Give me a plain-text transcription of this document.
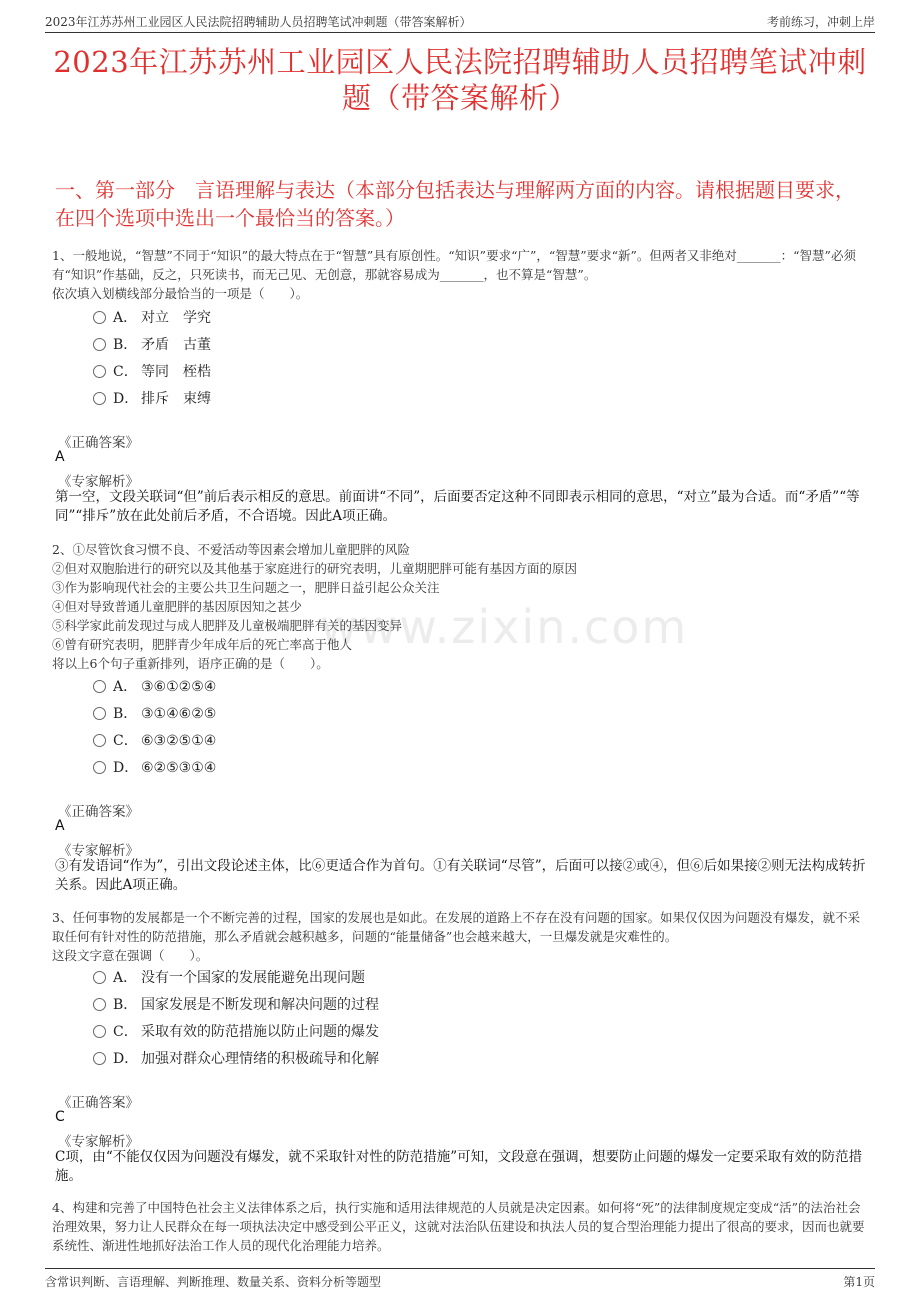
2023年江苏苏州工业园区人民法院招聘辅助人员招聘笔试冲刺题（带答案解析）	考前练习，冲刺上岸
2023年江苏苏州工业园区人民法院招聘辅助人员招聘笔试冲刺题（带答案解析）
一、第一部分　言语理解与表达（本部分包括表达与理解两方面的内容。请根据题目要求，在四个选项中选出一个最恰当的答案。）
www.zixin.com
1、一般地说，“智慧”不同于“知识”的最大特点在于“智慧”具有原创性。“知识”要求“广”，“智慧”要求“新”。但两者又非绝对_______：“智慧”必须有“知识”作基础，反之，只死读书，而无己见、无创意，那就容易成为_______，也不算是“智慧”。
依次填入划横线部分最恰当的一项是（　　）。
A． 对立　学究
B． 矛盾　古董
C． 等同　桎梏
D． 排斥　束缚
《正确答案》
A
《专家解析》
第一空，文段关联词“但”前后表示相反的意思。前面讲“不同”，后面要否定这种不同即表示相同的意思，“对立”最为合适。而“矛盾”“等同”“排斥”放在此处前后矛盾，不合语境。因此A项正确。
2、①尽管饮食习惯不良、不爱活动等因素会增加儿童肥胖的风险
②但对双胞胎进行的研究以及其他基于家庭进行的研究表明，儿童期肥胖可能有基因方面的原因
③作为影响现代社会的主要公共卫生问题之一，肥胖日益引起公众关注
④但对导致普通儿童肥胖的基因原因知之甚少
⑤科学家此前发现过与成人肥胖及儿童极端肥胖有关的基因变异
⑥曾有研究表明，肥胖青少年成年后的死亡率高于他人
将以上6个句子重新排列，语序正确的是（　　）。
A． ③⑥①②⑤④
B． ③①④⑥②⑤
C． ⑥③②⑤①④
D． ⑥②⑤③①④
《正确答案》
A
《专家解析》
③有发语词“作为”，引出文段论述主体，比⑥更适合作为首句。①有关联词“尽管”，后面可以接②或④，但⑥后如果接②则无法构成转折关系。因此A项正确。
3、任何事物的发展都是一个不断完善的过程，国家的发展也是如此。在发展的道路上不存在没有问题的国家。如果仅仅因为问题没有爆发，就不采取任何有针对性的防范措施，那么矛盾就会越积越多，问题的“能量储备”也会越来越大，一旦爆发就是灾难性的。
这段文字意在强调（　　）。
A． 没有一个国家的发展能避免出现问题
B． 国家发展是不断发现和解决问题的过程
C． 采取有效的防范措施以防止问题的爆发
D． 加强对群众心理情绪的积极疏导和化解
《正确答案》
C
《专家解析》
C项，由“不能仅仅因为问题没有爆发，就不采取针对性的防范措施”可知，文段意在强调，想要防止问题的爆发一定要采取有效的防范措施。
4、构建和完善了中国特色社会主义法律体系之后，执行实施和适用法律规范的人员就是决定因素。如何将“死”的法律制度规定变成“活”的法治社会治理效果，努力让人民群众在每一项执法决定中感受到公平正义，这就对法治队伍建设和执法人员的复合型治理能力提出了很高的要求，因而也就要系统性、渐进性地抓好法治工作人员的现代化治理能力培养。
含常识判断、言语理解、判断推理、数量关系、资料分析等题型	第1页
